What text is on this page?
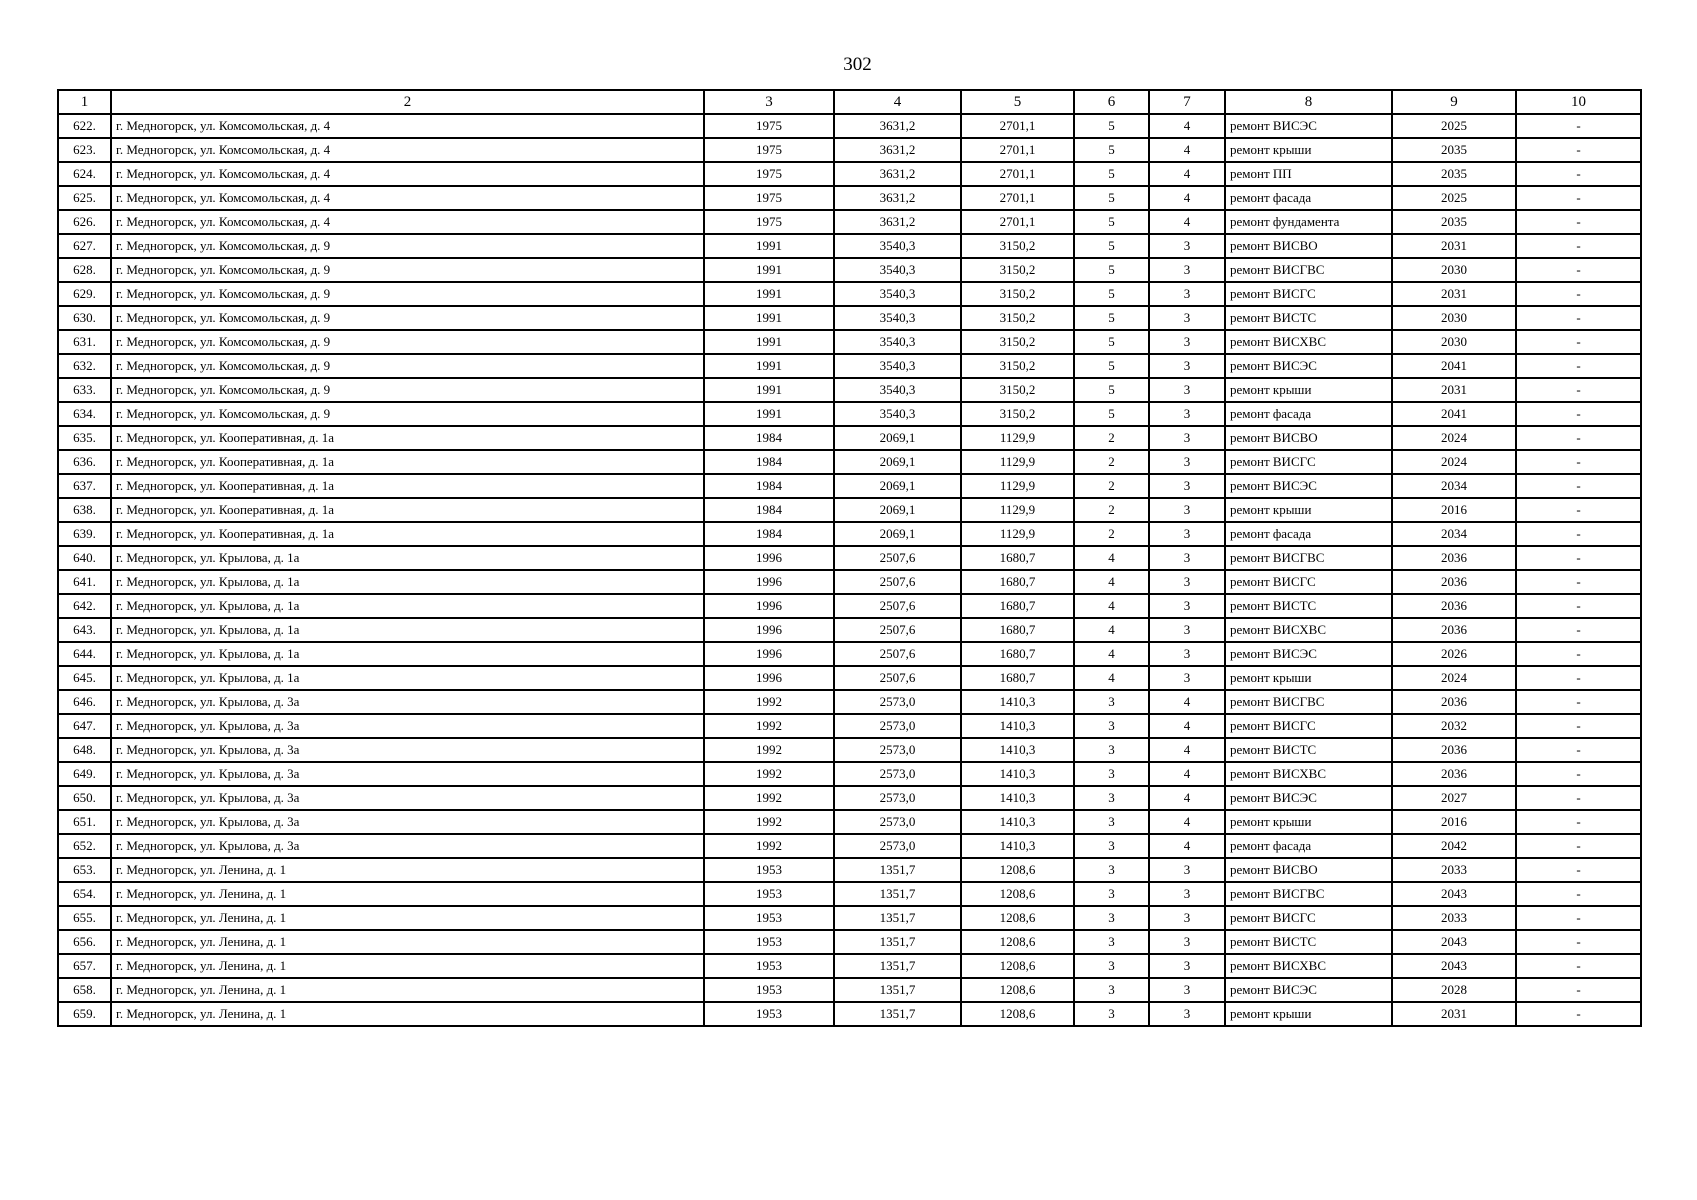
302
1	2	3	4	5	6	7	8	9	10
622.	г. Медногорск, ул. Комсомольская, д. 4	1975	3631,2	2701,1	5	4	ремонт ВИСЭС	2025	-
623.	г. Медногорск, ул. Комсомольская, д. 4	1975	3631,2	2701,1	5	4	ремонт крыши	2035	-
624.	г. Медногорск, ул. Комсомольская, д. 4	1975	3631,2	2701,1	5	4	ремонт ПП	2035	-
625.	г. Медногорск, ул. Комсомольская, д. 4	1975	3631,2	2701,1	5	4	ремонт фасада	2025	-
626.	г. Медногорск, ул. Комсомольская, д. 4	1975	3631,2	2701,1	5	4	ремонт фундамента	2035	-
627.	г. Медногорск, ул. Комсомольская, д. 9	1991	3540,3	3150,2	5	3	ремонт ВИСВО	2031	-
628.	г. Медногорск, ул. Комсомольская, д. 9	1991	3540,3	3150,2	5	3	ремонт ВИСГВС	2030	-
629.	г. Медногорск, ул. Комсомольская, д. 9	1991	3540,3	3150,2	5	3	ремонт ВИСГС	2031	-
630.	г. Медногорск, ул. Комсомольская, д. 9	1991	3540,3	3150,2	5	3	ремонт ВИСТС	2030	-
631.	г. Медногорск, ул. Комсомольская, д. 9	1991	3540,3	3150,2	5	3	ремонт ВИСХВС	2030	-
632.	г. Медногорск, ул. Комсомольская, д. 9	1991	3540,3	3150,2	5	3	ремонт ВИСЭС	2041	-
633.	г. Медногорск, ул. Комсомольская, д. 9	1991	3540,3	3150,2	5	3	ремонт крыши	2031	-
634.	г. Медногорск, ул. Комсомольская, д. 9	1991	3540,3	3150,2	5	3	ремонт фасада	2041	-
635.	г. Медногорск, ул. Кооперативная, д. 1а	1984	2069,1	1129,9	2	3	ремонт ВИСВО	2024	-
636.	г. Медногорск, ул. Кооперативная, д. 1а	1984	2069,1	1129,9	2	3	ремонт ВИСГС	2024	-
637.	г. Медногорск, ул. Кооперативная, д. 1а	1984	2069,1	1129,9	2	3	ремонт ВИСЭС	2034	-
638.	г. Медногорск, ул. Кооперативная, д. 1а	1984	2069,1	1129,9	2	3	ремонт крыши	2016	-
639.	г. Медногорск, ул. Кооперативная, д. 1а	1984	2069,1	1129,9	2	3	ремонт фасада	2034	-
640.	г. Медногорск, ул. Крылова, д. 1а	1996	2507,6	1680,7	4	3	ремонт ВИСГВС	2036	-
641.	г. Медногорск, ул. Крылова, д. 1а	1996	2507,6	1680,7	4	3	ремонт ВИСГС	2036	-
642.	г. Медногорск, ул. Крылова, д. 1а	1996	2507,6	1680,7	4	3	ремонт ВИСТС	2036	-
643.	г. Медногорск, ул. Крылова, д. 1а	1996	2507,6	1680,7	4	3	ремонт ВИСХВС	2036	-
644.	г. Медногорск, ул. Крылова, д. 1а	1996	2507,6	1680,7	4	3	ремонт ВИСЭС	2026	-
645.	г. Медногорск, ул. Крылова, д. 1а	1996	2507,6	1680,7	4	3	ремонт крыши	2024	-
646.	г. Медногорск, ул. Крылова, д. 3а	1992	2573,0	1410,3	3	4	ремонт ВИСГВС	2036	-
647.	г. Медногорск, ул. Крылова, д. 3а	1992	2573,0	1410,3	3	4	ремонт ВИСГС	2032	-
648.	г. Медногорск, ул. Крылова, д. 3а	1992	2573,0	1410,3	3	4	ремонт ВИСТС	2036	-
649.	г. Медногорск, ул. Крылова, д. 3а	1992	2573,0	1410,3	3	4	ремонт ВИСХВС	2036	-
650.	г. Медногорск, ул. Крылова, д. 3а	1992	2573,0	1410,3	3	4	ремонт ВИСЭС	2027	-
651.	г. Медногорск, ул. Крылова, д. 3а	1992	2573,0	1410,3	3	4	ремонт крыши	2016	-
652.	г. Медногорск, ул. Крылова, д. 3а	1992	2573,0	1410,3	3	4	ремонт фасада	2042	-
653.	г. Медногорск, ул. Ленина, д. 1	1953	1351,7	1208,6	3	3	ремонт ВИСВО	2033	-
654.	г. Медногорск, ул. Ленина, д. 1	1953	1351,7	1208,6	3	3	ремонт ВИСГВС	2043	-
655.	г. Медногорск, ул. Ленина, д. 1	1953	1351,7	1208,6	3	3	ремонт ВИСГС	2033	-
656.	г. Медногорск, ул. Ленина, д. 1	1953	1351,7	1208,6	3	3	ремонт ВИСТС	2043	-
657.	г. Медногорск, ул. Ленина, д. 1	1953	1351,7	1208,6	3	3	ремонт ВИСХВС	2043	-
658.	г. Медногорск, ул. Ленина, д. 1	1953	1351,7	1208,6	3	3	ремонт ВИСЭС	2028	-
659.	г. Медногорск, ул. Ленина, д. 1	1953	1351,7	1208,6	3	3	ремонт крыши	2031	-
